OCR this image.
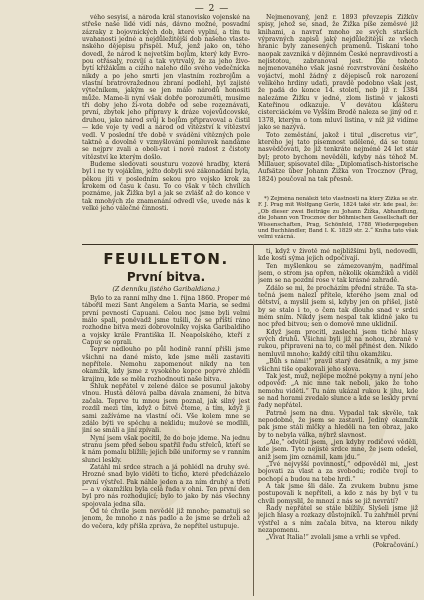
— 2 —

vého sesyisí, a národa král stanovisko vojenské na střeše naše lidé vidí nás, dávno možné, posvadní zázraky z bojovnických dob, které vyplní, a tím tu uvahanosti jedné a nejdůležitější dob našeho vlaste-nského dějepisu přispěl. Muž, jenž jako on, tého dovedl, že národ k nejvetším bojům, který kdy Evro-pou otřásaly, rozvíjí a tak vytrvalý, že za jeho živo-bytí křižákům a cizího naleho dílo svého vedečnícka nikdy a po jeho smrti jen vlastním rozbrojům a vlastní bratrovražednou zbraní podlehl, byl zajisté výtečníkem, jakým se jen málo národů honositi může. Mame-li nyní však dobře porozuměti, musíme tři doby jeho ži-vota dobře od sebe rozeznávati, první, zbytek jeho přípravy k dráze vojevůdcovské, druhou, jako národ svůj k bojům připravoval a čistil — kde voje ty vedl a národ od vítězství k vítězství vedl. V poslední tře době v sváděni vítězných pole taktně a dovolně v vzmyšlování pomluvek nandáme se nejprv zvali a oboli-vat i nově radost z čistoty vítězství ke kterým došlo.

Budeme sledovati sousturu vozové hradby, která byl i ne ty vojákům, ježto dobyli své zákonadání byla, pěkou jíti v posledním sekou pro vojsko krok za krokem od času k času. To co však v těch chvílích poznáme, jak Žižka byl a jak se zvlášť až do konce v tak mnohých zle znamenání odvedl vše, uvede nás k velké jeho válečné činnosti.

Nejmenovaný, jenž r. 1893 převzepis Žižkův spisy, jehož se, snad, že Žižka píše zeměsvé již knihami, a navrať mnoho ze svých starších výpravných zapisů jaký nejdůležitější ze všech hranic byly zanesených pramenů. Tiskaní toho naopak zavzniká v dějinném České nepravdivostí a nejistotou, zabranoval jest. Dle tohoto nejmenovaného však jasné rozvrstvování českého vojáctví, mohl žádný z dějepisců rok narození velikého hrdiny udati, pravdě podobno však jest, že padá do konce 14. století, neb již r. 1384 nalezáme Žižku v jedné, zlom listině v jakosti Kateřinou odkazuje. V devátou klášteru cisterciáckém ve Vyšším Brodě naleza se jiný od r. 1378, kterým o tom mluví listina, v níž již vidíme jako se nazývá.

Toto zeměstání, jakož i titul „discretus vir“, kterého jej tato písemnost udělené, dá se tomu nasvědčovati, že již tenkráte nejméně 24 let stár byl; proto bychom nevěděli, kdyby nás téhož M. Millauer, spisovatel díla: „Diplomatisch-historische Aufsätze über Johann Žižka von Trocznov (Prag, 1824) poučoval na tak přesně.

*) Zejména nenáleží této vlastnosti na který Žižka se str. F. J. Prag mit Wolfgang Gerle, 1824 také str. kde psal, že: „Ob dieser zwei Beiträge zu Johann Žižka, Abhandlung, die Johann von Trocznov der böhmischen Gesellschaft der Wissenschaften, Prag, Schönfeld, 1788 Wiedergegeben und Buchhändler, Band I. K. 1829 str. 2.“ Kniha tato však velmi vzácná.

FEUILLETON.
První bitva.
(Z denníku jistého Garibaldiana.)

Bylo to za ranní mlhy dne 1. října 1860. Proper mé tábořil mezi Sant Angelem a Santa Maria, se sedmi první pevností Capuani. Celou noc jsme byli velmi málo spali, poněvadž jsme tušili, že se příští ráno rozhodne bitva mezi dobrovolníky vojska Garibaldiho a vojsky krále Františka II. Neapolského, kteří z Capuy se oprali.

Teprv nedlouho po půl hodině ranní přišli jsme všichni na dané místo, kde jsme měli zastaviti nepřítele. Nemohu zapomenout nikdy na ten okamžik, kdy jsme z vysokého kopce poprvé zhlédli krajinu, kde se měla rozhodnouti naše bitva.

Shluk nepřátel v zelené dálce se posunul jakoby vlnou. Hustá dělová palba dávala znamení, že bitva začala. Teprve tu mnou jsem poznal, jak silný jest rozdíl mezi tím, když o bitvě čteme, a tím, když ji sami zažíváme na vlastní oči. Vše kolem mne se zdálo býti ve spěchu a neklidu; mužové se modlili, jiní se smáli a jiní zpívali.

Nyní jsem však pocítil, že do boje jdeme. Na jednu stranu jsem před sebou spatřil řadu střelců, kteří se k nám pomalu blížili; jejich bílé uniformy se v ranním slunci leskly.

Zatáhl mi srdce strach a já pohlédl na druhy své. Hrozné snad bylo viděti to ticho, které předcházelo první výstřel. Pak náhle jeden a za ním druhý a třetí — a v okamžiku byla celá řada v ohni. Ten první den byl pro nás rozhodující; bylo to jako by nás všechny spojovala jedna síla.

Od té chvíle jsem nevěděl již mnoho; pamatuji se jenom, že mnoho z nás padlo a že jsme se drželi až do večera, kdy přišla zpráva, že nepřítel ustupuje.

ti, když v životě mé nejbližšími byli, nedovedli, kde kosti sýma jejich odpočívají.

Ten myšlenkou se zámezovaným, nadřímal jsem, o strom jsa opřen, několik okamžiků a viděl jsem se na pozdní rose v tak krásné zahradě.

Zdálo se mi, že procházím přední stráže. Ta sta-tečná jsem nalezl přítele, kterého jsem znal od dětství, a myslil jsem si, kdyby jen on přišel, jistě by se stalo i to, o čem tak dlouho snad v srdci mém sním. Nikdy jsem nespal tak klidně jako tu noc před bitvou; sen o domově mne uklidnil.

Když jsem procitl, zaslechl jsem tiché hlasy svých druhů. Všichni byli již na nohou, zbraně v rukou, připraveni na to, co měl přinést den. Nikdo nemluvil mnoho; každý cítil tíhu okamžiku.

„Bůh s námi!“ pravil starý desátník, a my jsme všichni tiše opakovali jeho slova.

Tak jest, muž, nejlépe možné pokyny a nyní jeho odpověď: „A nic mne tak neboli, jako že toho nemohu viděti.“ Tu nám ukázal rukou k jihu, kde se nad horami zvedalo slunce a kde se leskly první řady nepřátel.

Patrně jsem na dnu. Vypadal tak skvěle, tak nepodobně, že jsem se zastavil. Jediný okamžik pak jsme stáli mlčky a hleděli na ten obraz, jako by to nebyla válka, nýbrž slavnost.

„Ale,“ odvětil jsem, „jen kdyby rodičové věděli, kde jsem. Tyto nejisté srdce mne, že jsem odešel, aniž jsem jim oznámil, kam jdu.“

„Tvé nejvyšší povinnosti,“ odpověděl mi, „jest bojovati za vlast a za svobodu; rodiče tvoji to pochopí a budou na tebe hrdi.“

A tak jsme šli dále. Za zvukem bubnu jsme postupovali k nepříteli, a kdo z nás by byl v tu chvíli pomyslil, že mnozí z nás se již nevrátí?

Řady nepřátel se stále blížily. Slyšeli jsme již jejich hlasy a rozkazy důstojníků. Tu zahřměl první výstřel a s ním začala bitva, na kterou nikdy nezapomenu.

„Vivat Italia!“ zvolali jsme a vrhli se vpřed.

(Pokračování.)
